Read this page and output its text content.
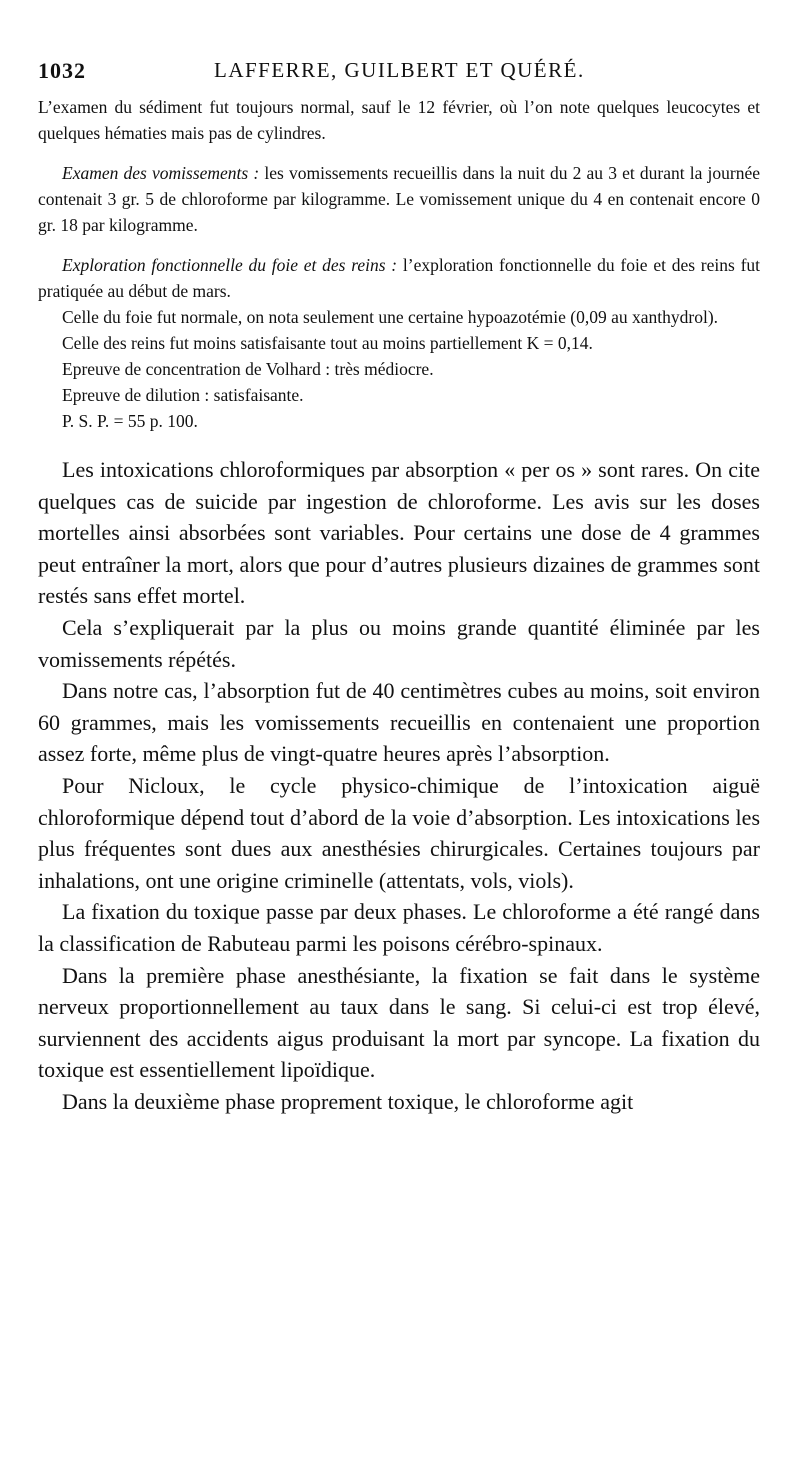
1032	LAFFERRE, GUILBERT ET QUÉRÉ.

L’examen du sédiment fut toujours normal, sauf le 12 février, où l’on note quelques leucocytes et quelques hématies mais pas de cylindres.

Examen des vomissements : les vomissements recueillis dans la nuit du 2 au 3 et durant la journée contenait 3 gr. 5 de chloroforme par kilogramme. Le vomissement unique du 4 en contenait encore 0 gr. 18 par kilogramme.

Exploration fonctionnelle du foie et des reins : l’exploration fonctionnelle du foie et des reins fut pratiquée au début de mars.

Celle du foie fut normale, on nota seulement une certaine hypoazotémie (0,09 au xanthydrol).

Celle des reins fut moins satisfaisante tout au moins partiellement K = 0,14.

Epreuve de concentration de Volhard : très médiocre.

Epreuve de dilution : satisfaisante.

P. S. P. = 55 p. 100.

Les intoxications chloroformiques par absorption « per os » sont rares. On cite quelques cas de suicide par ingestion de chloroforme. Les avis sur les doses mortelles ainsi absorbées sont variables. Pour certains une dose de 4 grammes peut entraîner la mort, alors que pour d’autres plusieurs dizaines de grammes sont restés sans effet mortel.

Cela s’expliquerait par la plus ou moins grande quantité éliminée par les vomissements répétés.

Dans notre cas, l’absorption fut de 40 centimètres cubes au moins, soit environ 60 grammes, mais les vomissements recueillis en contenaient une proportion assez forte, même plus de vingt-quatre heures après l’absorption.

Pour Nicloux, le cycle physico-chimique de l’intoxication aiguë chloroformique dépend tout d’abord de la voie d’absorption. Les intoxications les plus fréquentes sont dues aux anesthésies chirurgicales. Certaines toujours par inhalations, ont une origine criminelle (attentats, vols, viols).

La fixation du toxique passe par deux phases. Le chloroforme a été rangé dans la classification de Rabuteau parmi les poisons cérébro-spinaux.

Dans la première phase anesthésiante, la fixation se fait dans le système nerveux proportionnellement au taux dans le sang. Si celui-ci est trop élevé, surviennent des accidents aigus produisant la mort par syncope. La fixation du toxique est essentiellement lipoïdique.

Dans la deuxième phase proprement toxique, le chloroforme agit
